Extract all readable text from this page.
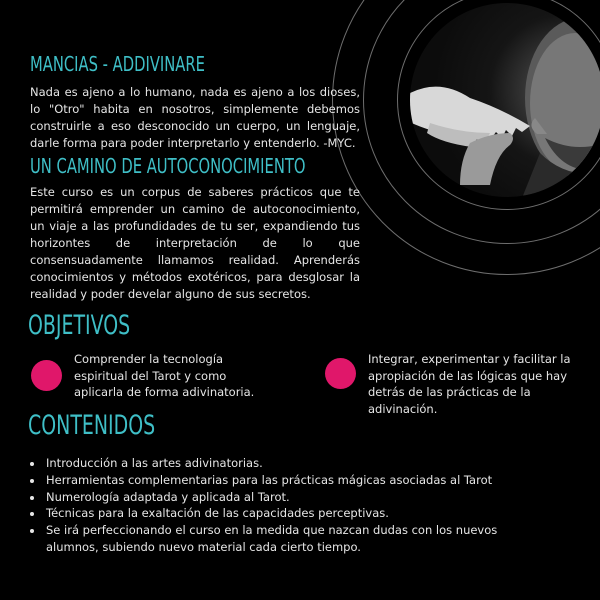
MANCIAS - ADDIVINARE

Nada es ajeno a lo humano, nada es ajeno a los dioses, lo "Otro" habita en nosotros, simplemente debemos construirle a eso desconocido un cuerpo, un lenguaje, darle forma para poder interpretarlo y entenderlo. -MYC.

UN CAMINO DE AUTOCONOCIMIENTO

Este curso es un corpus de saberes prácticos que te permitirá emprender un camino de autoconocimiento, un viaje a las profundidades de tu ser, expandiendo tus horizontes de interpretación de lo que consensuadamente llamamos realidad. Aprenderás conocimientos y métodos exotéricos, para desglosar la realidad y poder develar alguno de sus secretos.

OBJETIVOS
Comprender la tecnología espiritual del Tarot y como aplicarla de forma adivinatoria.
Integrar, experimentar y facilitar la apropiación de las lógicas que hay detrás de las prácticas de la adivinación.
CONTENIDOS
• Introducción a las artes adivinatorias.
• Herramientas complementarias para las prácticas mágicas asociadas al Tarot
• Numerología adaptada y aplicada al Tarot.
• Técnicas para la exaltación de las capacidades perceptivas.
• Se irá perfeccionando el curso en la medida que nazcan dudas con los nuevos alumnos, subiendo nuevo material cada cierto tiempo.
